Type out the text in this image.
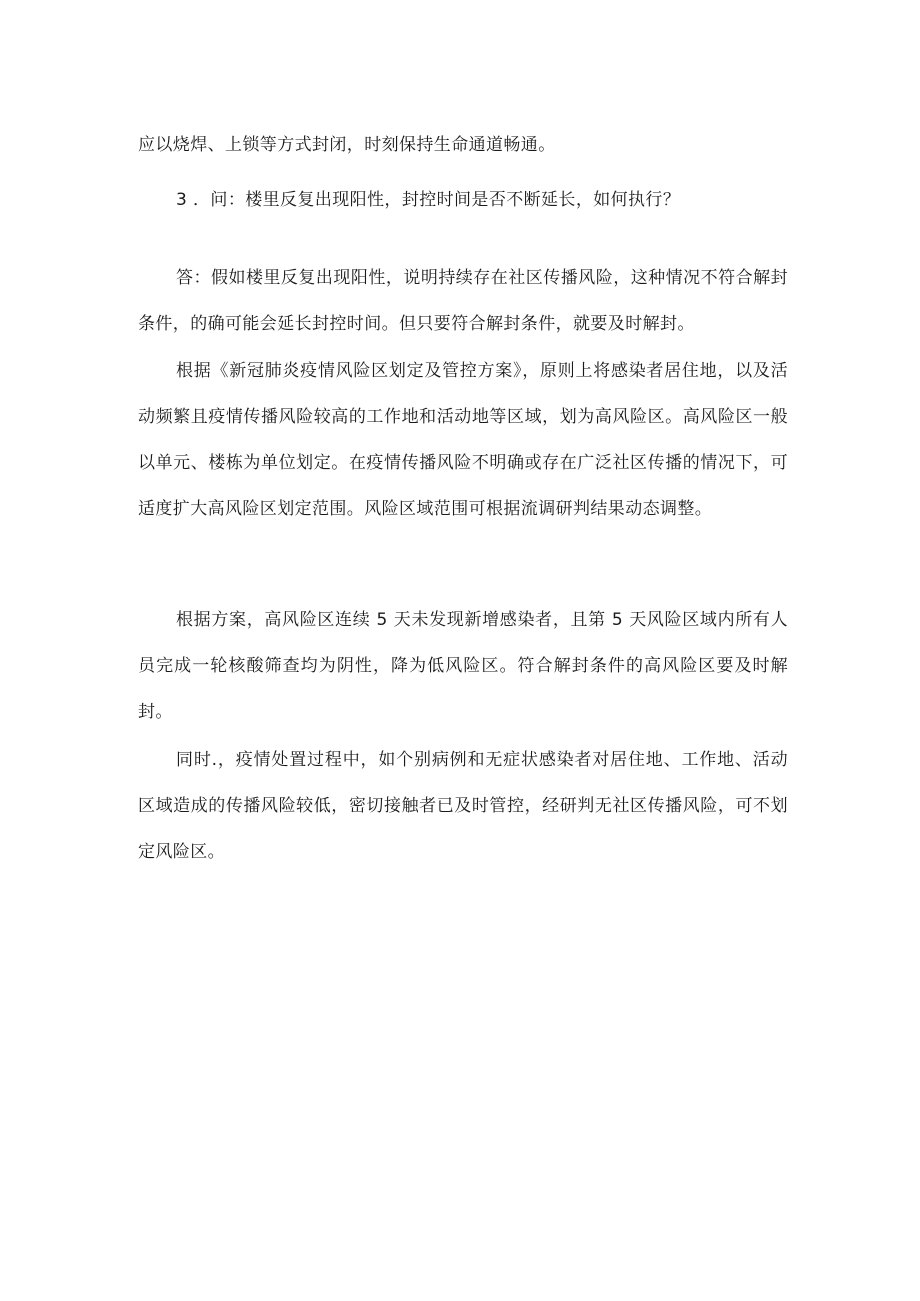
应以烧焊、上锁等方式封闭，时刻保持生命通道畅通。

3 ．问：楼里反复出现阳性，封控时间是否不断延长，如何执行？

答：假如楼里反复出现阳性，说明持续存在社区传播风险，这种情况不符合解封条件，的确可能会延长封控时间。但只要符合解封条件，就要及时解封。

根据《新冠肺炎疫情风险区划定及管控方案》，原则上将感染者居住地，以及活动频繁且疫情传播风险较高的工作地和活动地等区域，划为高风险区。高风险区一般以单元、楼栋为单位划定。在疫情传播风险不明确或存在广泛社区传播的情况下，可适度扩大高风险区划定范围。风险区域范围可根据流调研判结果动态调整。

根据方案，高风险区连续 5 天未发现新增感染者，且第 5 天风险区域内所有人员完成一轮核酸筛查均为阴性，降为低风险区。符合解封条件的高风险区要及时解封。

同时.，疫情处置过程中，如个别病例和无症状感染者对居住地、工作地、活动区域造成的传播风险较低，密切接触者已及时管控，经研判无社区传播风险，可不划定风险区。
